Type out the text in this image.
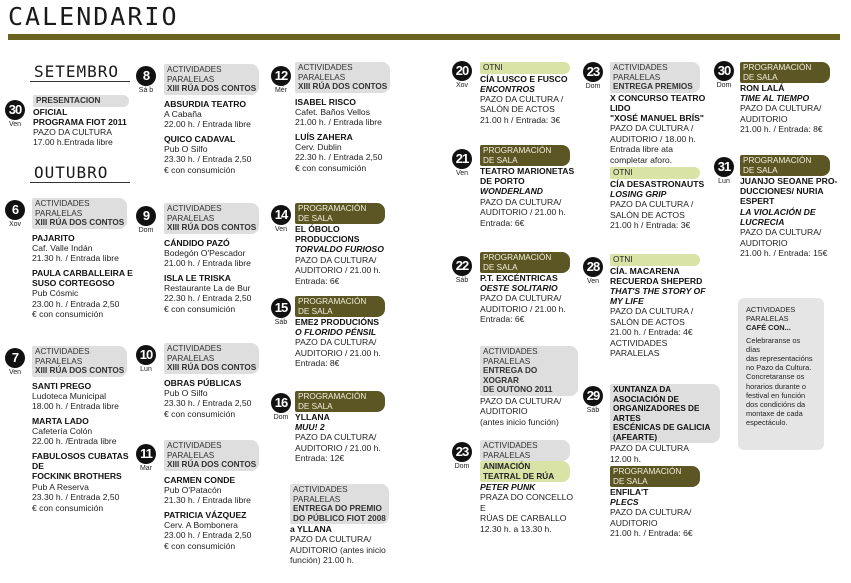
CALENDARIO
SETEMBRO
OUTUBRO
30
Ven
PRESENTACION
OFICIAL
PROGRAMA FIOT 2011
PAZO DA CULTURA
17.00 h.Entrada libre
6
Xov
ACTIVIDADES
PARALELAS
XIII RÚA DOS CONTOS
PAJARITO
Caf. Valle Indán
21.30 h. / Entrada libre
PAULA CARBALLEIRA E
SUSO CORTEGOSO
Pub Cósmic
23.00 h. / Entrada 2,50
€ con consumición
7
Ven
ACTIVIDADES
PARALELAS
XIII RÚA DOS CONTOS
SANTI PREGO
Ludoteca Municipal
18.00 h. / Entrada libre
MARTA LADO
Cafetería Colón
22.00 h. /Entrada libre
FABULOSOS CUBATAS DE
FOCKINK BROTHERS
Pub A Reserva
23.30 h. / Entrada 2,50
€ con consumición
8
Sá b
ACTIVIDADES
PARALELAS
XIII RÚA DOS CONTOS
ABSURDIA TEATRO
A Cabaña
22.00 h. / Entrada libre
QUICO CADAVAL
Pub O Silfo
23.30 h. / Entrada 2,50
€ con consumición
9
Dom
ACTIVIDADES
PARALELAS
XIII RÚA DOS CONTOS
CÁNDIDO PAZÓ
Bodegón O'Pescador
21.00 h. / Entrada libre
ISLA LE TRISKA
Restaurante La de Bur
22.30 h. / Entrada 2,50
€ con consumición
10
Lun
ACTIVIDADES
PARALELAS
XIII RÚA DOS CONTOS
OBRAS PÚBLICAS
Pub O Silfo
23.30 h. / Entrada 2,50
€ con consumición
11
Mar
ACTIVIDADES
PARALELAS
XIII RÚA DOS CONTOS
CARMEN CONDE
Pub O'Patacón
21.30 h. / Entrada libre
PATRICIA VÁZQUEZ
Cerv. A Bombonera
23.00 h. / Entrada 2,50
€ con consumición
12
Mér
ACTIVIDADES
PARALELAS
XIII RÚA DOS CONTOS
ISABEL RISCO
Cafet. Baños Vellos
21.00 h. / Entrada libre
LUÍS ZAHERA
Cerv. Dublin
22.30 h. / Entrada 2,50
€ con consumición
14
Ven
PROGRAMACIÓN
DE SALA
EL ÓBOLO PRODUCCIONS
TORVALDO FURIOSO
PAZO DA CULTURA/
AUDITORIO / 21.00 h.
Entrada: 6€
15
Sáb
PROGRAMACIÓN
DE SALA
EME2 PRODUCIÓNS
O FLORIDO PÉNSIL
PAZO DA CULTURA/
AUDITORIO / 21.00 h.
Entrada: 8€
16
Dom
PROGRAMACIÓN
DE SALA
YLLANA
MUU! 2
PAZO DA CULTURA/
AUDITORIO / 21.00 h.
Entrada: 12€
ACTIVIDADES
PARALELAS
ENTREGA DO PREMIO
DO PÚBLICO FIOT 2008
a YLLANA
PAZO DA CULTURA/
AUDITORIO (antes inicio
función) 21.00 h.
20
Xov
OTNI
CÍA LUSCO E FUSCO
ENCONTROS
PAZO DA CULTURA /
SALÓN DE ACTOS
21.00 h / Entrada: 3€
21
Ven
PROGRAMACIÓN
DE SALA
TEATRO MARIONETAS
DE PORTO
WONDERLAND
PAZO DA CULTURA/
AUDITORIO / 21.00 h.
Entrada: 6€
22
Sáb
PROGRAMACIÓN
DE SALA
P.T. EXCÉNTRICAS
OESTE SOLITARIO
PAZO DA CULTURA/
AUDITORIO / 21.00 h.
Entrada: 6€
ACTIVIDADES
PARALELAS
ENTREGA DO XOGRAR
DE OUTONO 2011
PAZO DA CULTURA/
AUDITORIO
(antes inicio función)
23
Dom
ACTIVIDADES
PARALELAS
ANIMACIÓN
TEATRAL DE RÚA
PETER PUNK
PRAZA DO CONCELLO E
RÚAS DE CARBALLO
12.30 h. a 13.30 h.
23
Dom
ACTIVIDADES
PARALELAS
ENTREGA PREMIOS
X CONCURSO TEATRO LIDO
"XOSÉ MANUEL BRÍS"
PAZO DA CULTURA /
AUDITORIO / 18.00 h.
Entrada libre ata
completar aforo.
OTNI
CÍA DESASTRONAUTS
LOSING GRIP
PAZO DA CULTURA /
SALÓN DE ACTOS
21.00 h / Entrada: 3€
28
Ven
OTNI
CÍA. MACARENA
RECUERDA SHEPERD
THAT'S THE STORY OF
MY LIFE
PAZO DA CULTURA /
SALÓN DE ACTOS
21.00 h. / Entrada: 4€
ACTIVIDADES
PARALELAS
29
Sáb
XUNTANZA DA
ASOCIACIÓN DE
ORGANIZADORES DE ARTES
ESCÉNICAS DE GALICIA
(AFEARTE)
PAZO DA CULTURA
12.00 h.
PROGRAMACIÓN
DE SALA
ENFILA'T
PLECS
PAZO DA CULTURA/
AUDITORIO
21.00 h. / Entrada: 6€
30
Dom
PROGRAMACIÓN
DE SALA
RON LALÁ
TIME AL TIEMPO
PAZO DA CULTURA/
AUDITORIO
21.00 h. / Entrada: 8€
31
Lun
PROGRAMACIÓN
DE SALA
JUANJO SEOANE PRO-
DUCCIONES/ NURIA
ESPERT
LA VIOLACIÓN DE
LUCRECIA
PAZO DA CULTURA/
AUDITORIO
21.00 h. / Entrada: 15€
ACTIVIDADES
PARALELAS
CAFÉ CON...
Celebraranse os días
das representacións
no Pazo da Cultura.
Concretaranse os
horarios durante o
festival en función
dos condicións da
montaxe de cada
espectáculo.
